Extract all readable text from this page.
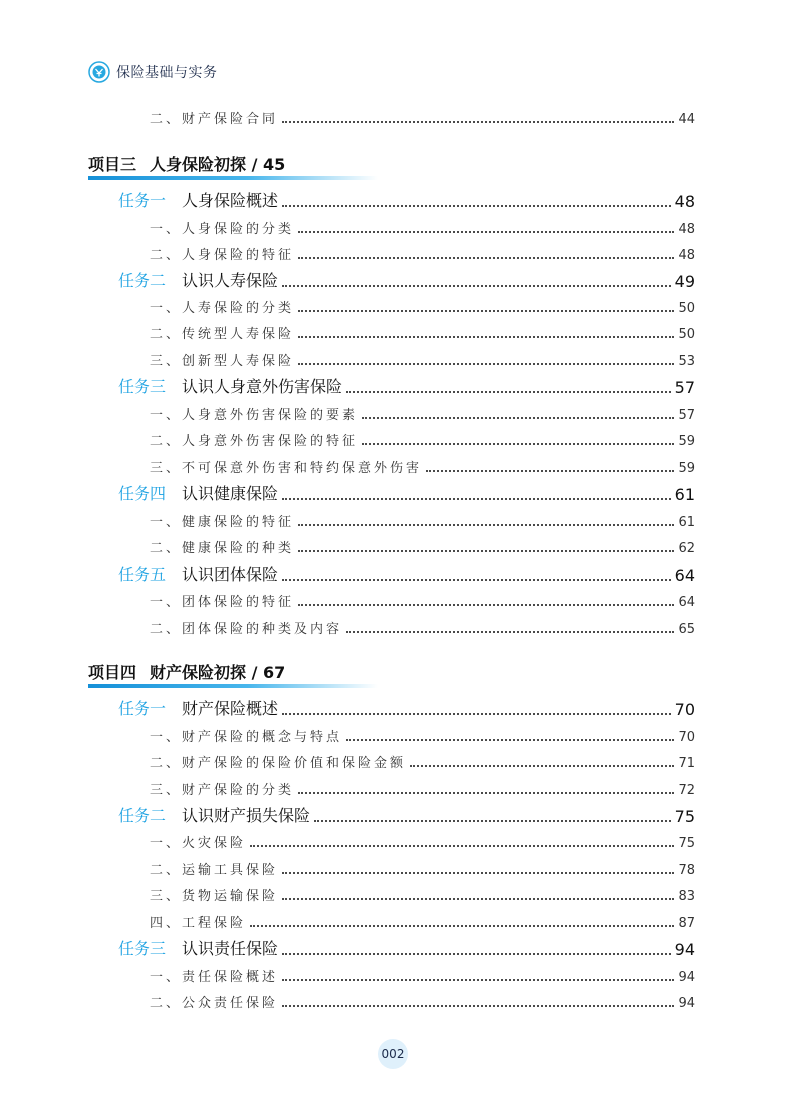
保险基础与实务
二、财产保险合同	44
项目三 人身保险初探 / 45
任务一 人身保险概述	48
一、人身保险的分类	48
二、人身保险的特征	48
任务二 认识人寿保险	49
一、人寿保险的分类	50
二、传统型人寿保险	50
三、创新型人寿保险	53
任务三 认识人身意外伤害保险	57
一、人身意外伤害保险的要素	57
二、人身意外伤害保险的特征	59
三、不可保意外伤害和特约保意外伤害	59
任务四 认识健康保险	61
一、健康保险的特征	61
二、健康保险的种类	62
任务五 认识团体保险	64
一、团体保险的特征	64
二、团体保险的种类及内容	65
项目四 财产保险初探 / 67
任务一 财产保险概述	70
一、财产保险的概念与特点	70
二、财产保险的保险价值和保险金额	71
三、财产保险的分类	72
任务二 认识财产损失保险	75
一、火灾保险	75
二、运输工具保险	78
三、货物运输保险	83
四、工程保险	87
任务三 认识责任保险	94
一、责任保险概述	94
二、公众责任保险	94
002
